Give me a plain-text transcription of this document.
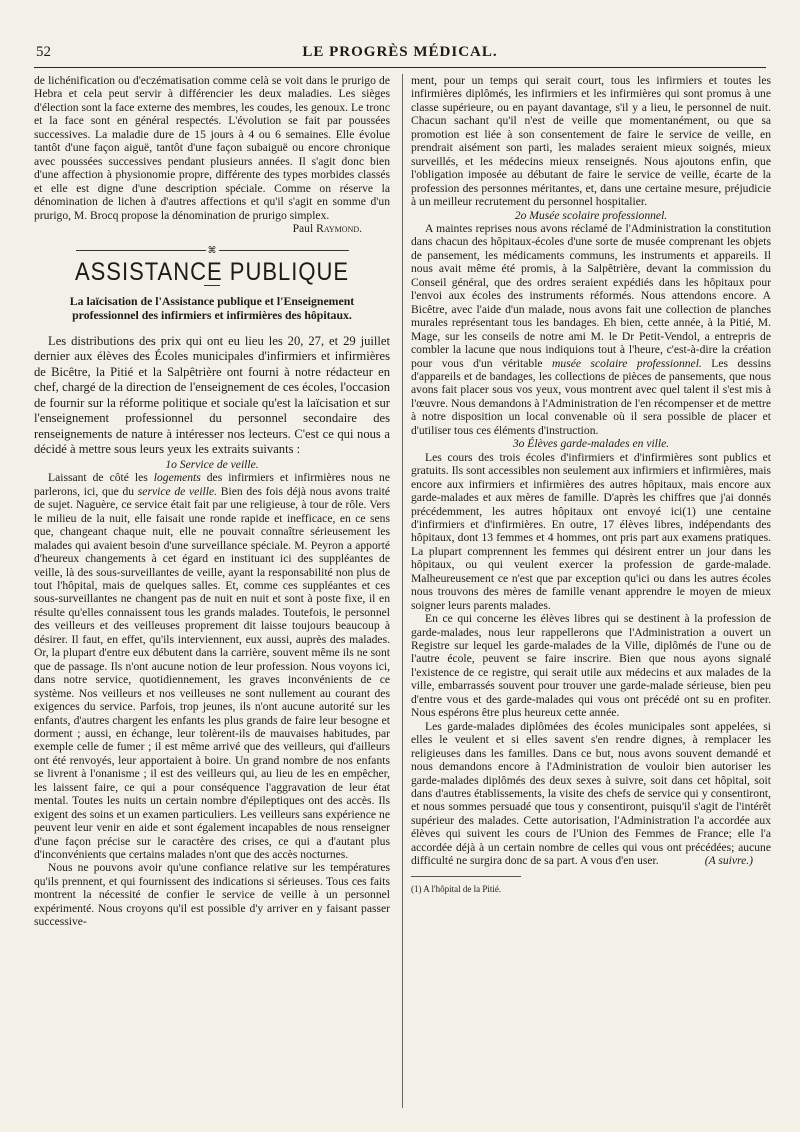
52	LE PROGRÈS MÉDICAL.

de lichénification ou d'eczématisation comme celà se voit dans le prurigo de Hebra et cela peut servir à différencier les deux maladies. Les sièges d'élection sont la face externe des membres, les coudes, les genoux. Le tronc et la face sont en général respectés. L'évolution se fait par poussées successives. La maladie dure de 15 jours à 4 ou 6 semaines. Elle évolue tantôt d'une façon aiguë, tantôt d'une façon subaiguë ou encore chronique avec poussées successives pendant plusieurs années. Il s'agit donc bien d'une affection à physionomie propre, différente des types morbides classés et elle est digne d'une description spéciale. Comme on réserve la dénomination de lichen à d'autres affections et qu'il s'agit en somme d'un prurigo, M. Brocq propose la dénomination de prurigo simplex.

Paul Raymond.

⌘
ASSISTANCE PUBLIQUE
La laïcisation de l'Assistance publique et l'Enseignement professionnel des infirmiers et infirmières des hôpitaux.

Les distributions des prix qui ont eu lieu les 20, 27, et 29 juillet dernier aux élèves des Écoles municipales d'infirmiers et infirmières de Bicêtre, la Pitié et la Salpêtrière ont fourni à notre rédacteur en chef, chargé de la direction de l'enseignement de ces écoles, l'occasion de fournir sur la réforme politique et sociale qu'est la laïcisation et sur l'enseignement professionnel du personnel secondaire des renseignements de nature à intéresser nos lecteurs. C'est ce qui nous a décidé à mettre sous leurs yeux les extraits suivants :

1o Service de veille.

Laissant de côté les logements des infirmiers et infirmières nous ne parlerons, ici, que du service de veille. Bien des fois déjà nous avons traité de sujet. Naguère, ce service était fait par une religieuse, à tour de rôle. Vers le milieu de la nuit, elle faisait une ronde rapide et inefficace, en ce sens que, changeant chaque nuit, elle ne pouvait connaître sérieusement les malades qui avaient besoin d'une surveillance spéciale. M. Peyron a apporté d'heureux changements à cet égard en instituant ici des suppléantes de veille, là des sous-surveillantes de veille, ayant la responsabilité non plus de tout l'hôpital, mais de quelques salles. Et, comme ces suppléantes et ces sous-surveillantes ne changent pas de nuit en nuit et sont à poste fixe, il en résulte qu'elles connaissent tous les grands malades. Toutefois, le personnel des veilleurs et des veilleuses proprement dit laisse toujours beaucoup à désirer. Il faut, en effet, qu'ils interviennent, eux aussi, auprès des malades. Or, la plupart d'entre eux débutent dans la carrière, souvent même ils ne sont que de passage. Ils n'ont aucune notion de leur profession. Nous voyons ici, dans notre service, quotidiennement, les graves inconvénients de ce système. Nos veilleurs et nos veilleuses ne sont nullement au courant des exigences du service. Parfois, trop jeunes, ils n'ont aucune autorité sur les enfants, d'autres chargent les enfants les plus grands de faire leur besogne et dorment ; aussi, en échange, leur tolèrent-ils de mauvaises habitudes, par exemple celle de fumer ; il est même arrivé que des veilleurs, qui d'ailleurs ont été renvoyés, leur apportaient à boire. Un grand nombre de nos enfants se livrent à l'onanisme ; il est des veilleurs qui, au lieu de les en empêcher, les laissent faire, ce qui a pour conséquence l'aggravation de leur état mental. Toutes les nuits un certain nombre d'épileptiques ont des accès. Ils exigent des soins et un examen particuliers. Les veilleurs sans expérience ne peuvent leur venir en aide et sont également incapables de nous renseigner d'une façon précise sur le caractère des crises, ce qui a d'autant plus d'inconvénients que certains malades n'ont que des accès nocturnes.

Nous ne pouvons avoir qu'une confiance relative sur les températures qu'ils prennent, et qui fournissent des indications si sérieuses. Tous ces faits montrent la nécessité de confier le service de veille à un personnel expérimenté. Nous croyons qu'il est possible d'y arriver en y faisant passer successive-

ment, pour un temps qui serait court, tous les infirmiers et toutes les infirmières diplômés, les infirmiers et les infirmières qui sont promus à une classe supérieure, ou en payant davantage, s'il y a lieu, le personnel de nuit. Chacun sachant qu'il n'est de veille que momentanément, ou que sa promotion est liée à son consentement de faire le service de veille, en prendrait aisément son parti, les malades seraient mieux soignés, mieux surveillés, et les médecins mieux renseignés. Nous ajoutons enfin, que l'obligation imposée au débutant de faire le service de veille, écarte de la profession des personnes méritantes, et, dans une certaine mesure, préjudicie à un meilleur recrutement du personnel hospitalier.

2o Musée scolaire professionnel.

A maintes reprises nous avons réclamé de l'Administration la constitution dans chacun des hôpitaux-écoles d'une sorte de musée comprenant les objets de pansement, les médicaments communs, les instruments et appareils. Il nous avait même été promis, à la Salpêtrière, devant la commission du Conseil général, que des ordres seraient expédiés dans les hôpitaux pour l'envoi aux écoles des instruments réformés. Nous attendons encore. A Bicêtre, avec l'aide d'un malade, nous avons fait une collection de planches murales représentant tous les bandages. Eh bien, cette année, à la Pitié, M. Mage, sur les conseils de notre ami M. le Dr Petit-Vendol, a entrepris de combler la lacune que nous indiquions tout à l'heure, c'est-à-dire la création pour vous d'un véritable musée scolaire professionnel. Les dessins d'appareils et de bandages, les collections de pièces de pansements, que nous avons fait placer sous vos yeux, vous montrent avec quel talent il s'est mis à l'œuvre. Nous demandons à l'Administration de l'en récompenser et de mettre à notre disposition un local convenable où il sera possible de placer et d'utiliser tous ces éléments d'instruction.

3o Élèves garde-malades en ville.

Les cours des trois écoles d'infirmiers et d'infirmières sont publics et gratuits. Ils sont accessibles non seulement aux infirmiers et infirmières, mais encore aux infirmiers et infirmières des autres hôpitaux, mais encore aux garde-malades et aux mères de famille. D'après les chiffres que j'ai donnés précédemment, les autres hôpitaux ont envoyé ici(1) une centaine d'infirmiers et d'infirmières. En outre, 17 élèves libres, indépendants des hôpitaux, dont 13 femmes et 4 hommes, ont pris part aux examens pratiques. La plupart comprennent les femmes qui désirent entrer un jour dans les hôpitaux, ou qui veulent exercer la profession de garde-malade. Malheureusement ce n'est que par exception qu'ici ou dans les autres écoles nous trouvons des mères de famille venant apprendre le moyen de mieux soigner leurs parents malades.

En ce qui concerne les élèves libres qui se destinent à la profession de garde-malades, nous leur rappellerons que l'Administration a ouvert un Registre sur lequel les garde-malades de la Ville, diplômés de l'une ou de l'autre école, peuvent se faire inscrire. Bien que nous ayons signalé l'existence de ce registre, qui serait utile aux médecins et aux malades de la ville, embarrassés souvent pour trouver une garde-malade sérieuse, bien peu d'entre vous et des garde-malades qui vous ont précédé ont su en profiter. Nous espérons être plus heureux cette année.

Les garde-malades diplômées des écoles municipales sont appelées, si elles le veulent et si elles savent s'en rendre dignes, à remplacer les religieuses dans les familles. Dans ce but, nous avons souvent demandé et nous demandons encore à l'Administration de vouloir bien autoriser les garde-malades diplômés des deux sexes à suivre, soit dans cet hôpital, soit dans d'autres établissements, la visite des chefs de service qui y consentiront, et nous sommes persuadé que tous y consentiront, puisqu'il s'agit de l'intérêt supérieur des malades. Cette autorisation, l'Administration l'a accordée aux élèves qui suivent les cours de l'Union des Femmes de France; elle l'a accordée déjà à un certain nombre de celles qui vous ont précédées; aucune difficulté ne surgira donc de sa part. A vous d'en user.	(A suivre.)

(1) A l'hôpital de la Pitié.
